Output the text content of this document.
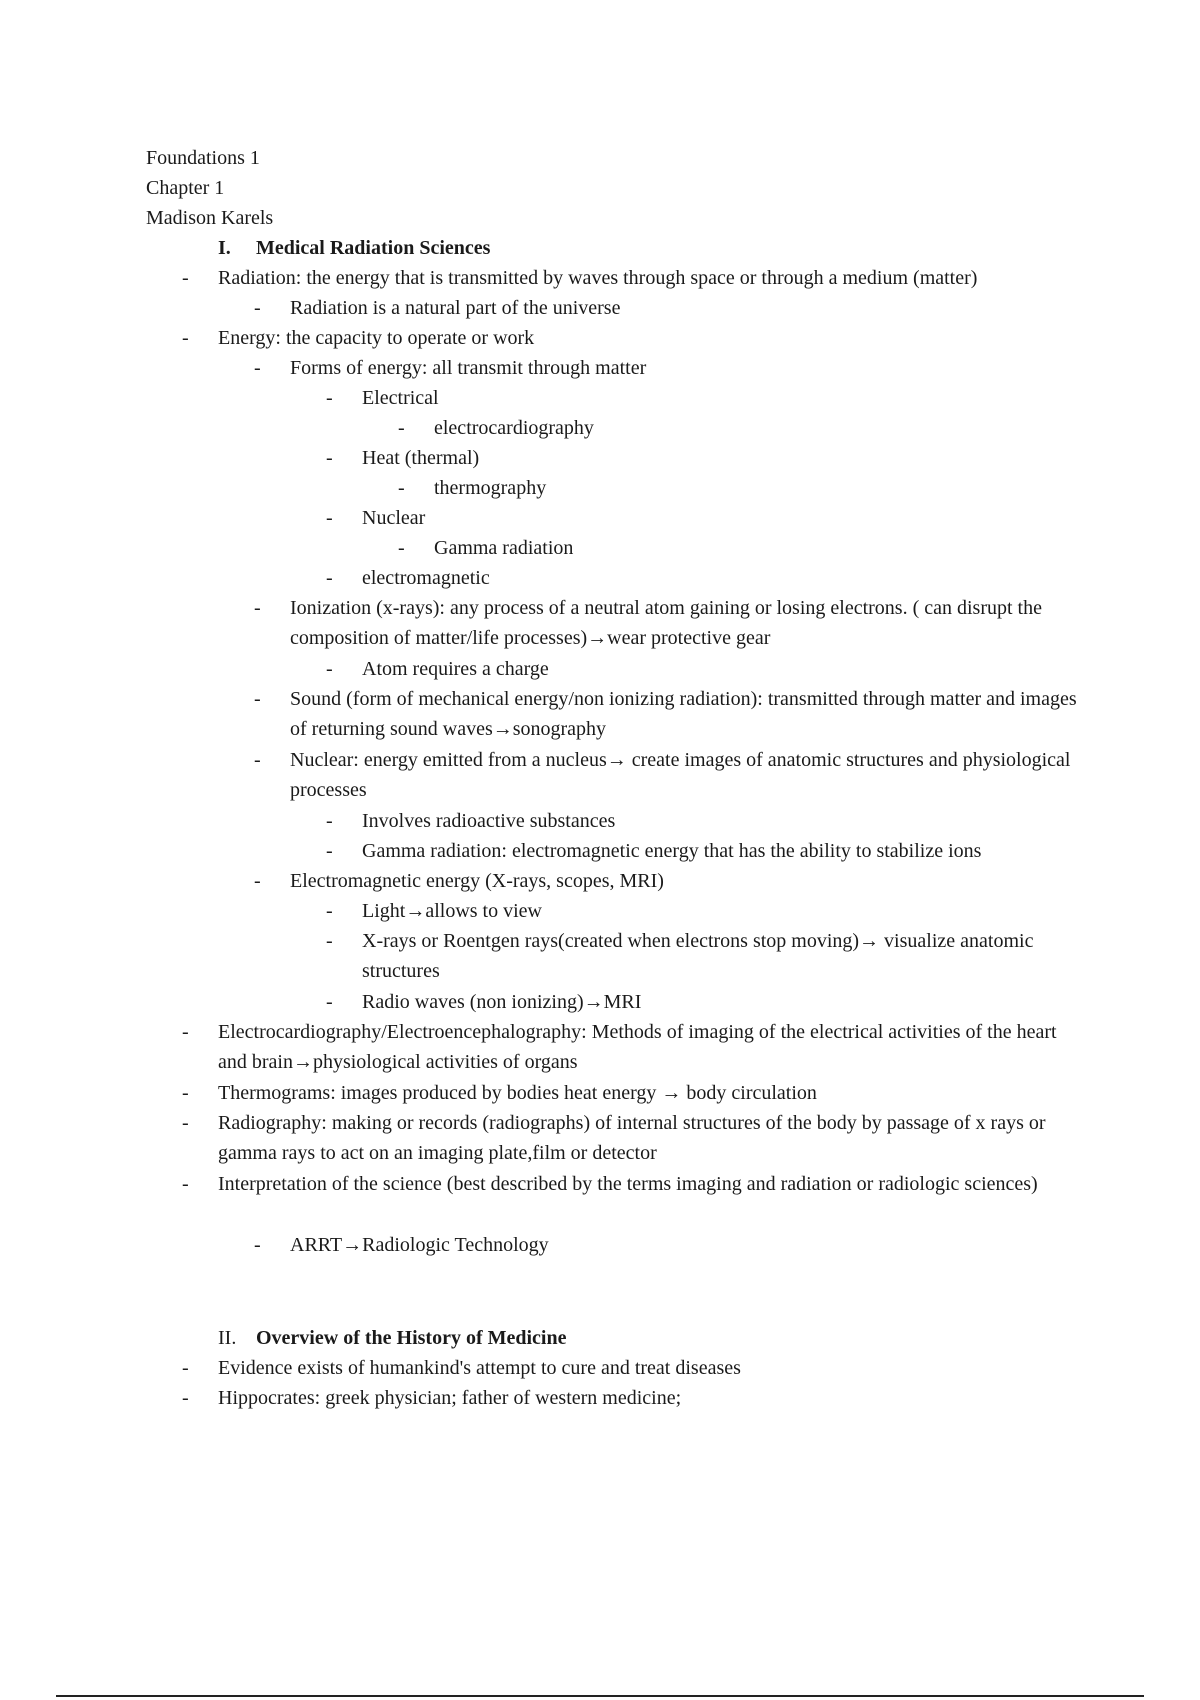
Foundations 1
Chapter 1
Madison Karels
I. Medical Radiation Sciences
- Radiation: the energy that is transmitted by waves through space or through a medium (matter)
- Radiation is a natural part of the universe
- Energy: the capacity to operate or work
- Forms of energy: all transmit through matter
- Electrical
- electrocardiography
- Heat (thermal)
- thermography
- Nuclear
- Gamma radiation
- electromagnetic
- Ionization (x-rays): any process of a neutral atom gaining or losing electrons. ( can disrupt the composition of matter/life processes)→wear protective gear
- Atom requires a charge
- Sound (form of mechanical energy/non ionizing radiation): transmitted through matter and images of returning sound waves→sonography
- Nuclear: energy emitted from a nucleus→ create images of anatomic structures and physiological processes
- Involves radioactive substances
- Gamma radiation: electromagnetic energy that has the ability to stabilize ions
- Electromagnetic energy (X-rays, scopes, MRI)
- Light→allows to view
- X-rays or Roentgen rays(created when electrons stop moving)→ visualize anatomic structures
- Radio waves (non ionizing)→MRI
- Electrocardiography/Electroencephalography: Methods of imaging of the electrical activities of the heart and brain→physiological activities of organs
- Thermograms: images produced by bodies heat energy → body circulation
- Radiography: making or records (radiographs) of internal structures of the body by passage of x rays or gamma rays to act on an imaging plate,film or detector
- Interpretation of the science (best described by the terms imaging and radiation or radiologic sciences)
- ARRT→Radiologic Technology
II. Overview of the History of Medicine
- Evidence exists of humankind's attempt to cure and treat diseases
- Hippocrates: greek physician; father of western medicine;
